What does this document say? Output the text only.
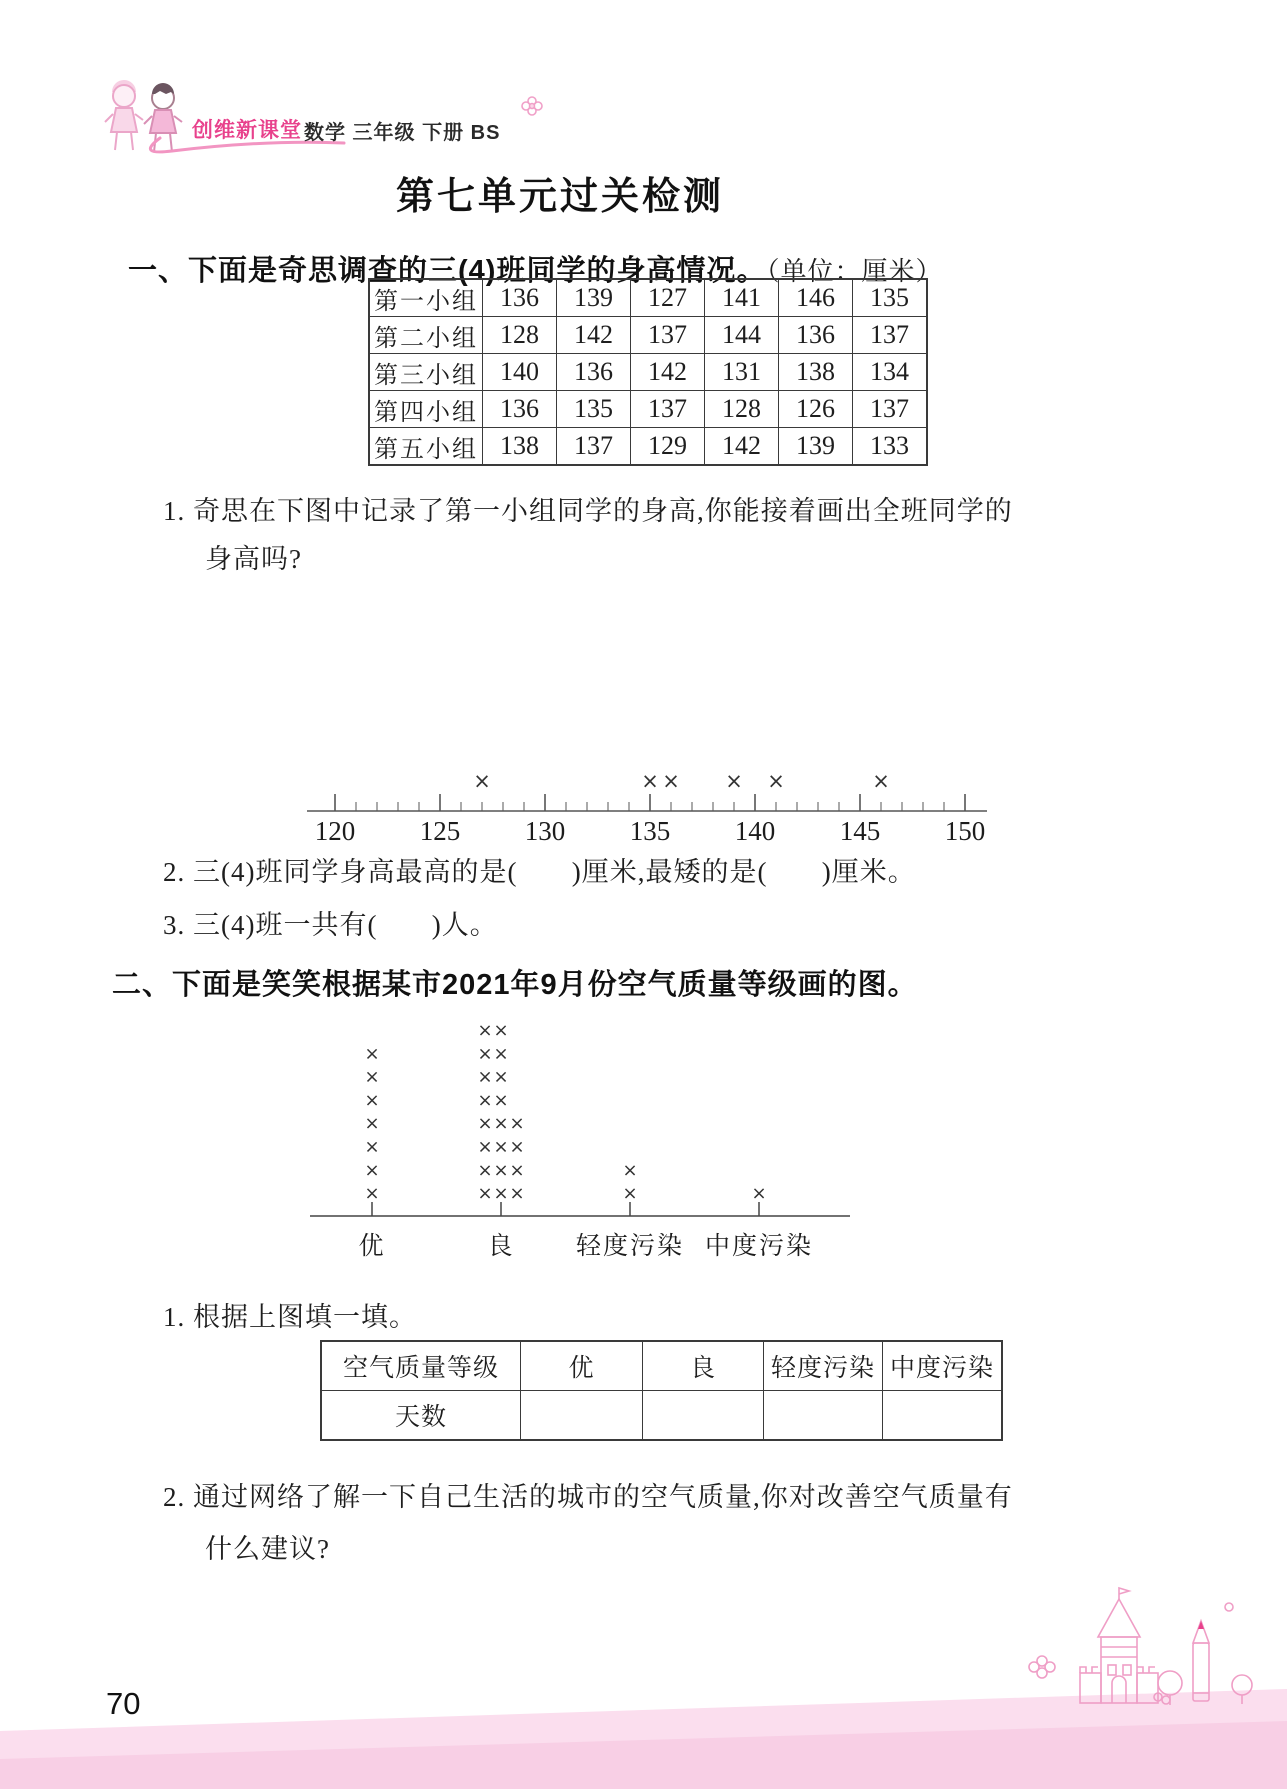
创维新课堂 数学 三年级 下册 BS
第七单元过关检测

一、下面是奇思调查的三(4)班同学的身高情况。（单位：厘米）

第一小组	136	139	127	141	146	135
第二小组	128	142	137	144	136	137
第三小组	140	136	142	131	138	134
第四小组	136	135	137	128	126	137
第五小组	138	137	129	142	139	133
1. 奇思在下图中记录了第一小组同学的身高,你能接着画出全班同学的
身高吗?
120 125 130 135 140 145 150
×	× × × ×	×
2. 三(4)班同学身高最高的是(       )厘米,最矮的是(       )厘米。
3. 三(4)班一共有(       )人。
二、下面是笑笑根据某市2021年9月份空气质量等级画的图。
优	良 轻度污染 中度污染
× ×
×	× ×
×	× ×
×	× ×
×	× × ×
×	× × ×
×	× × ×	×
×	× × ×	×	×
1. 根据上图填一填。
空气质量等级	优	良	轻度污染	中度污染
天数				
2. 通过网络了解一下自己生活的城市的空气质量,你对改善空气质量有
什么建议?
70
